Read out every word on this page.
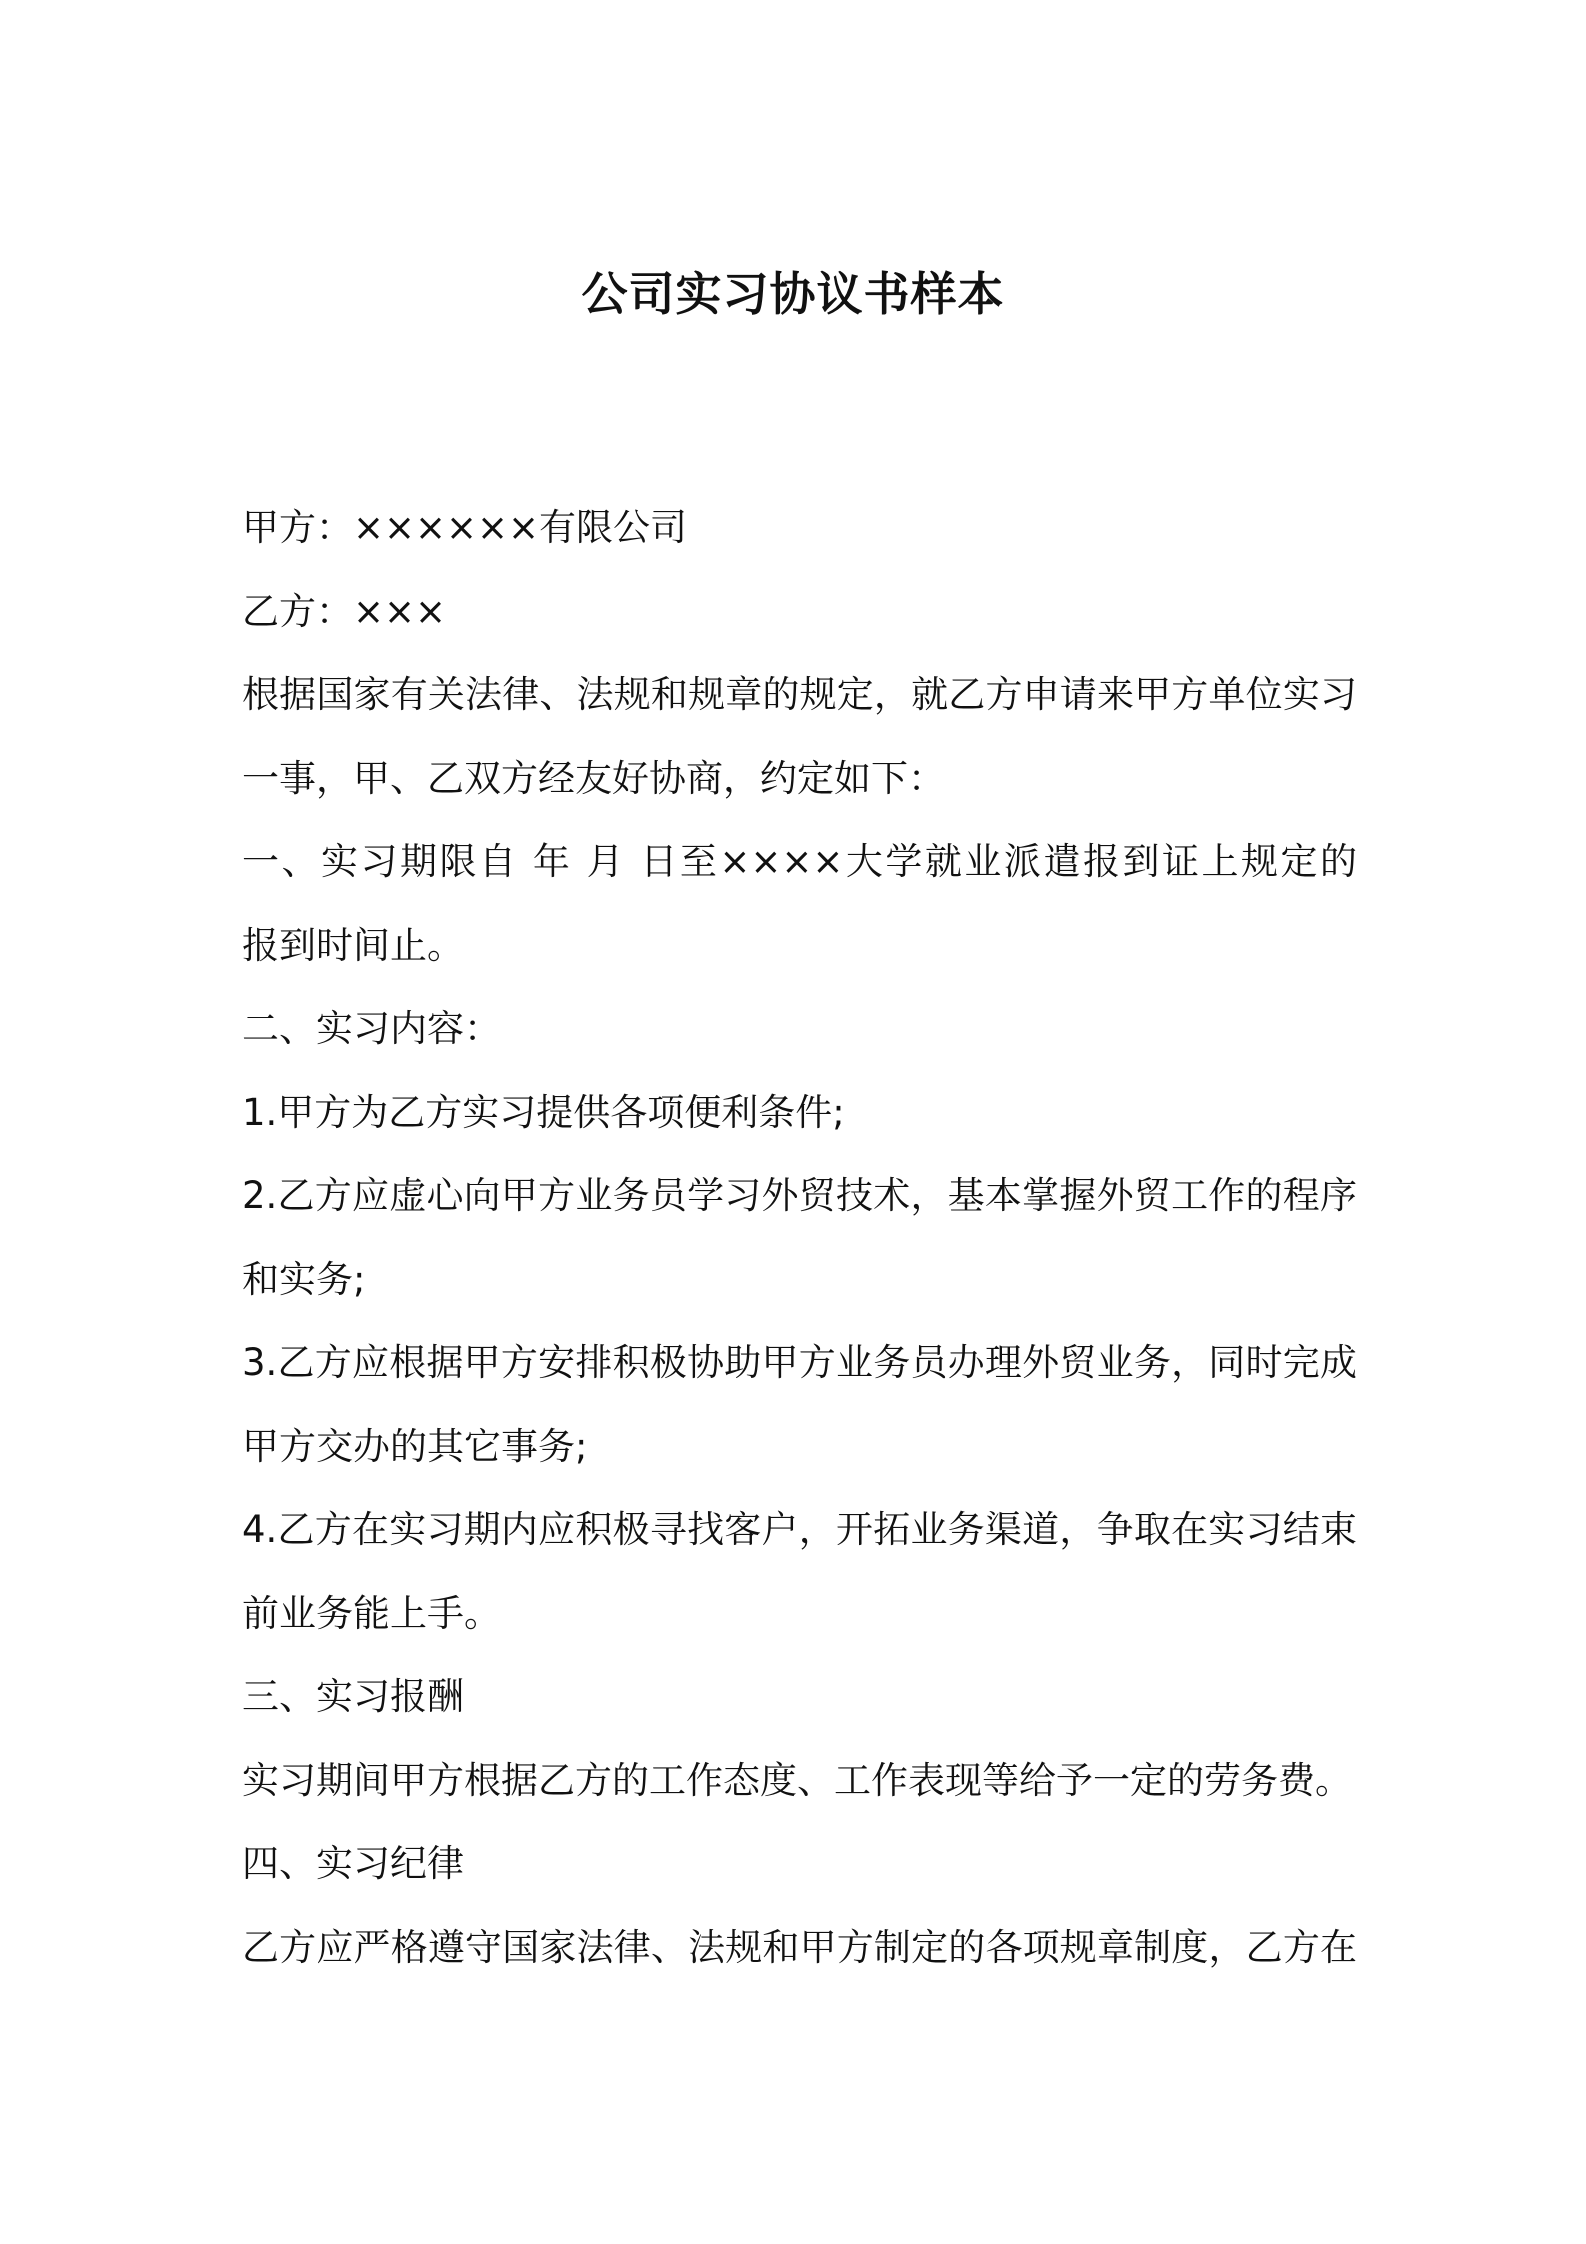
公司实习协议书样本
甲方：××××××有限公司
乙方：×××
根据国家有关法律、法规和规章的规定，就乙方申请来甲方单位实习
一事，甲、乙双方经友好协商，约定如下：
一、实习期限自 年 月 日至××××大学就业派遣报到证上规定的
报到时间止。
二、实习内容：
1.甲方为乙方实习提供各项便利条件;
2.乙方应虚心向甲方业务员学习外贸技术，基本掌握外贸工作的程序
和实务;
3.乙方应根据甲方安排积极协助甲方业务员办理外贸业务，同时完成
甲方交办的其它事务;
4.乙方在实习期内应积极寻找客户，开拓业务渠道，争取在实习结束
前业务能上手。
三、实习报酬
实习期间甲方根据乙方的工作态度、工作表现等给予一定的劳务费。
四、实习纪律
乙方应严格遵守国家法律、法规和甲方制定的各项规章制度，乙方在
